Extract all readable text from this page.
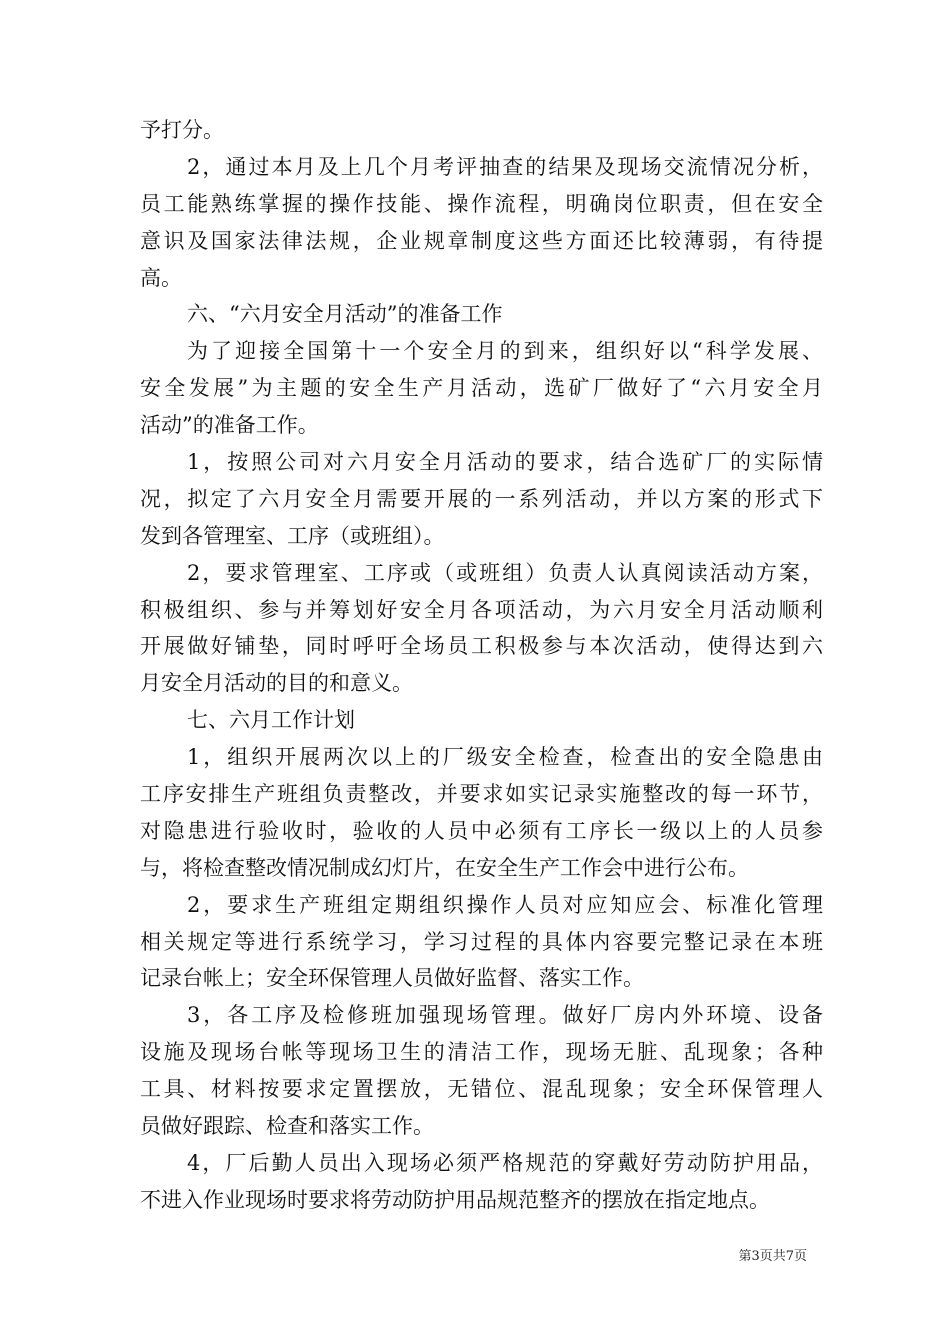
予打分。
2，通过本月及上几个月考评抽查的结果及现场交流情况分析，
员工能熟练掌握的操作技能、操作流程，明确岗位职责，但在安全
意识及国家法律法规，企业规章制度这些方面还比较薄弱，有待提
高。
六、“六月安全月活动”的准备工作
为了迎接全国第十一个安全月的到来，组织好以“科学发展、
安全发展”为主题的安全生产月活动，选矿厂做好了“六月安全月
活动”的准备工作。
1，按照公司对六月安全月活动的要求，结合选矿厂的实际情
况，拟定了六月安全月需要开展的一系列活动，并以方案的形式下
发到各管理室、工序（或班组）。
2，要求管理室、工序或（或班组）负责人认真阅读活动方案，
积极组织、参与并筹划好安全月各项活动，为六月安全月活动顺利
开展做好铺垫，同时呼吁全场员工积极参与本次活动，使得达到六
月安全月活动的目的和意义。
七、六月工作计划
1，组织开展两次以上的厂级安全检查，检查出的安全隐患由
工序安排生产班组负责整改，并要求如实记录实施整改的每一环节，
对隐患进行验收时，验收的人员中必须有工序长一级以上的人员参
与，将检查整改情况制成幻灯片，在安全生产工作会中进行公布。
2，要求生产班组定期组织操作人员对应知应会、标准化管理
相关规定等进行系统学习，学习过程的具体内容要完整记录在本班
记录台帐上；安全环保管理人员做好监督、落实工作。
3，各工序及检修班加强现场管理。做好厂房内外环境、设备
设施及现场台帐等现场卫生的清洁工作，现场无脏、乱现象；各种
工具、材料按要求定置摆放，无错位、混乱现象；安全环保管理人
员做好跟踪、检查和落实工作。
4，厂后勤人员出入现场必须严格规范的穿戴好劳动防护用品，
不进入作业现场时要求将劳动防护用品规范整齐的摆放在指定地点。
第3页共7页
